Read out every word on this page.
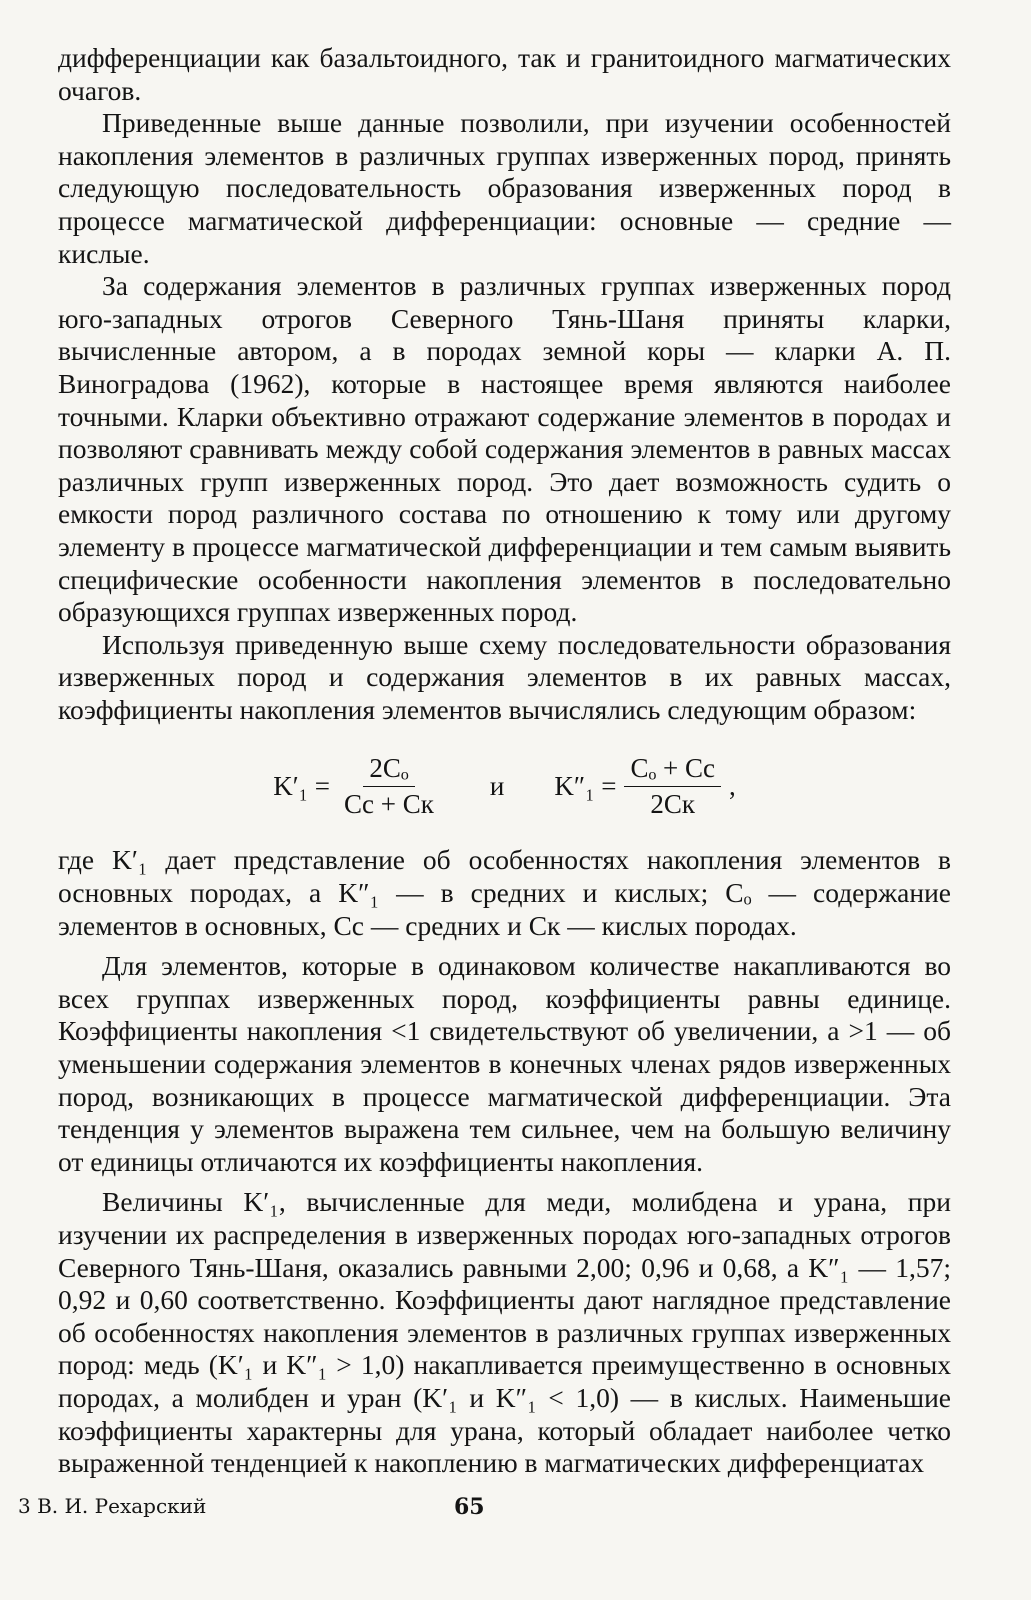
дифференциации как базальтоидного, так и гранитоидного магматических очагов.

Приведенные выше данные позволили, при изучении особенностей накопления элементов в различных группах изверженных пород, принять следующую последовательность образования изверженных пород в процессе магматической дифференциации: основные — средние — кислые.

За содержания элементов в различных группах изверженных пород юго-западных отрогов Северного Тянь-Шаня приняты кларки, вычисленные автором, а в породах земной коры — кларки А. П. Виноградова (1962), которые в настоящее время являются наиболее точными. Кларки объективно отражают содержание элементов в породах и позволяют сравнивать между собой содержания элементов в равных массах различных групп изверженных пород. Это дает возможность судить о емкости пород различного состава по отношению к тому или другому элементу в процессе магматической дифференциации и тем самым выявить специфические особенности накопления элементов в последовательно образующихся группах изверженных пород.

Используя приведенную выше схему последовательности образования изверженных пород и содержания элементов в их равных массах, коэффициенты накопления элементов вычислялись следующим образом:

$K'_1 = \frac{\text{2Cₒ}}{Cс + Cк}$ и $K''_1 = \frac{\text{Cₒ + Cс}}{2Cк}$ ,

где K′₁ дает представление об особенностях накопления элементов в основных породах, а K″₁ — в средних и кислых; Cₒ — содержание элементов в основных, Cс — средних и Cк — кислых породах.

Для элементов, которые в одинаковом количестве накапливаются во всех группах изверженных пород, коэффициенты равны единице. Коэффициенты накопления <1 свидетельствуют об увеличении, а >1 — об уменьшении содержания элементов в конечных членах рядов изверженных пород, возникающих в процессе магматической дифференциации. Эта тенденция у элементов выражена тем сильнее, чем на большую величину от единицы отличаются их коэффициенты накопления.

Величины K′₁, вычисленные для меди, молибдена и урана, при изучении их распределения в изверженных породах юго-западных отрогов Северного Тянь-Шаня, оказались равными 2,00; 0,96 и 0,68, а K″₁ — 1,57; 0,92 и 0,60 соответственно. Коэффициенты дают наглядное представление об особенностях накопления элементов в различных группах изверженных пород: медь (K′₁ и K″₁ > 1,0) накапливается преимущественно в основных породах, а молибден и уран (K′₁ и K″₁ < 1,0) — в кислых. Наименьшие коэффициенты характерны для урана, который обладает наиболее четко выраженной тенденцией к накоплению в магматических дифференциатах

3 В. И. Рехарский	65
